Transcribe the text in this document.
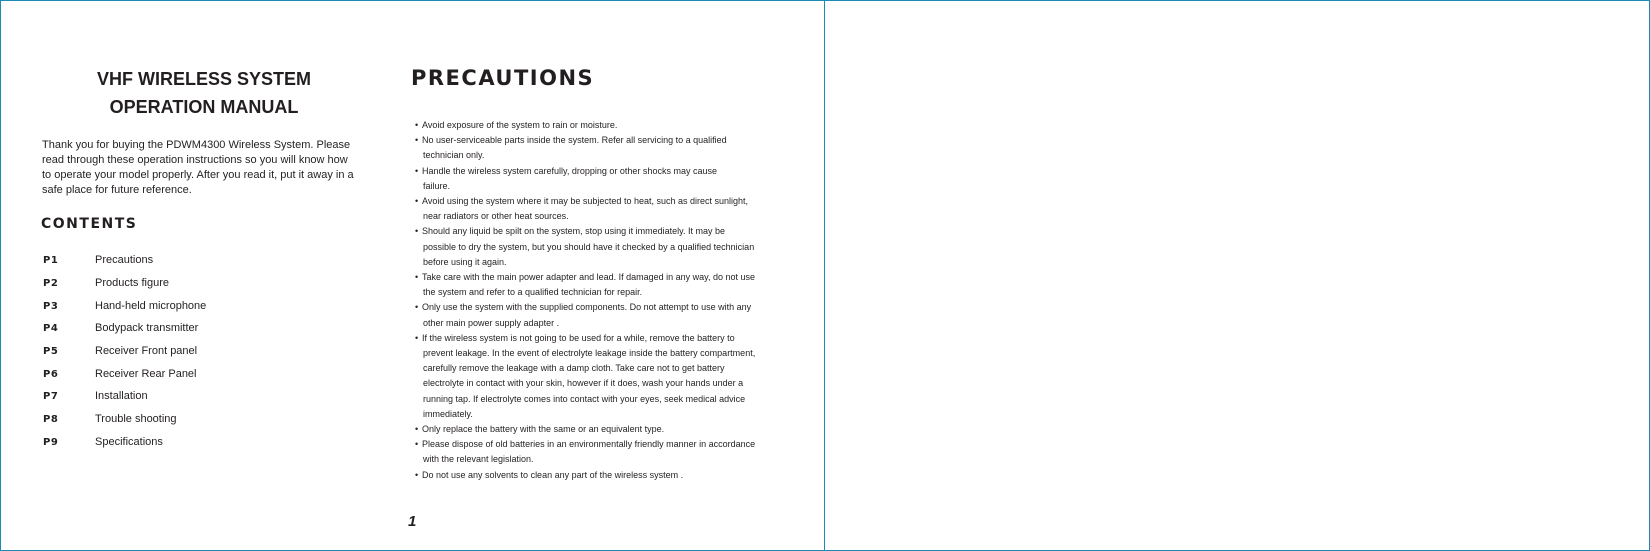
VHF WIRELESS SYSTEM
OPERATION MANUAL
Thank you for buying the PDWM4300 Wireless System. Please
read through these operation instructions so you will know how
to operate your model properly. After you read it, put it away in a
safe place for future reference.
CONTENTS
P1	Precautions
P2	Products figure
P3	Hand-held microphone
P4	Bodypack transmitter
P5	Receiver Front panel
P6	Receiver Rear Panel
P7	Installation
P8	Trouble shooting
P9	Specifications
PRECAUTIONS
• Avoid exposure of the system to rain or moisture.
• No user-serviceable parts inside the system. Refer all servicing to a qualified
technician only.
• Handle the wireless system carefully, dropping or other shocks may cause
failure.
• Avoid using the system where it may be subjected to heat, such as direct sunlight,
near radiators or other heat sources.
• Should any liquid be spilt on the system, stop using it immediately. It may be
possible to dry the system, but you should have it checked by a qualified technician
before using it again.
• Take care with the main power adapter and lead. If damaged in any way, do not use
the system and refer to a qualified technician for repair.
• Only use the system with the supplied components. Do not attempt to use with any
other main power supply adapter .
• If the wireless system is not going to be used for a while, remove the battery to
prevent leakage. In the event of electrolyte leakage inside the battery compartment,
carefully remove the leakage with a damp cloth. Take care not to get battery
electrolyte in contact with your skin, however if it does, wash your hands under a
running tap. If electrolyte comes into contact with your eyes, seek medical advice
immediately.
• Only replace the battery with the same or an equivalent type.
• Please dispose of old batteries in an environmentally friendly manner in accordance
with the relevant legislation.
• Do not use any solvents to clean any part of the wireless system .
1
